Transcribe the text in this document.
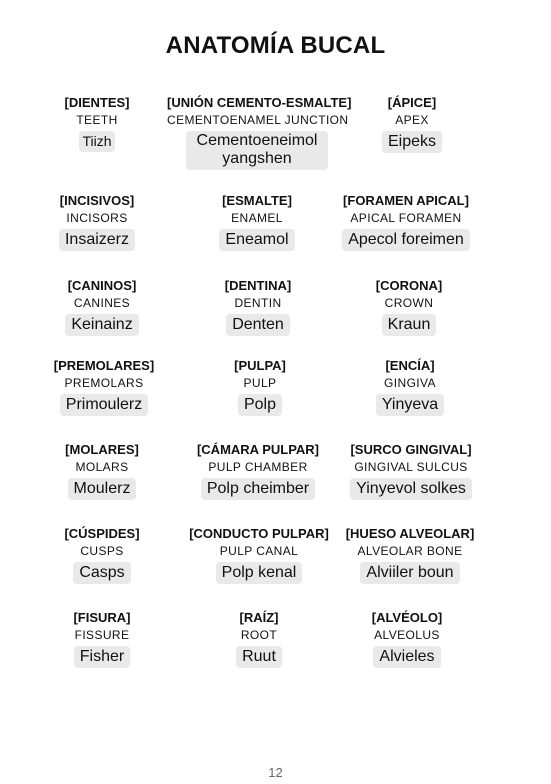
ANATOMÍA BUCAL
[DIENTES]
TEETH
Tiizh
[UNIÓN CEMENTO-ESMALTE]
CEMENTOENAMEL JUNCTION
Cementoeneimol yangshen
[ÁPICE]
APEX
Eipeks
[INCISIVOS]
INCISORS
Insaizerz
[ESMALTE]
ENAMEL
Eneamol
[FORAMEN APICAL]
APICAL FORAMEN
Apecol foreimen
[CANINOS]
CANINES
Keinainz
[DENTINA]
DENTIN
Denten
[CORONA]
CROWN
Kraun
[PREMOLARES]
PREMOLARS
Primoulerz
[PULPA]
PULP
Polp
[ENCÍA]
GINGIVA
Yinyeva
[MOLARES]
MOLARS
Moulerz
[CÁMARA PULPAR]
PULP CHAMBER
Polp cheimber
[SURCO GINGIVAL]
GINGIVAL SULCUS
Yinyevol solkes
[CÚSPIDES]
CUSPS
Casps
[CONDUCTO PULPAR]
PULP CANAL
Polp kenal
[HUESO ALVEOLAR]
ALVEOLAR BONE
Alviiler boun
[FISURA]
FISSURE
Fisher
[RAÍZ]
ROOT
Ruut
[ALVÉOLO]
ALVEOLUS
Alvieles
12
